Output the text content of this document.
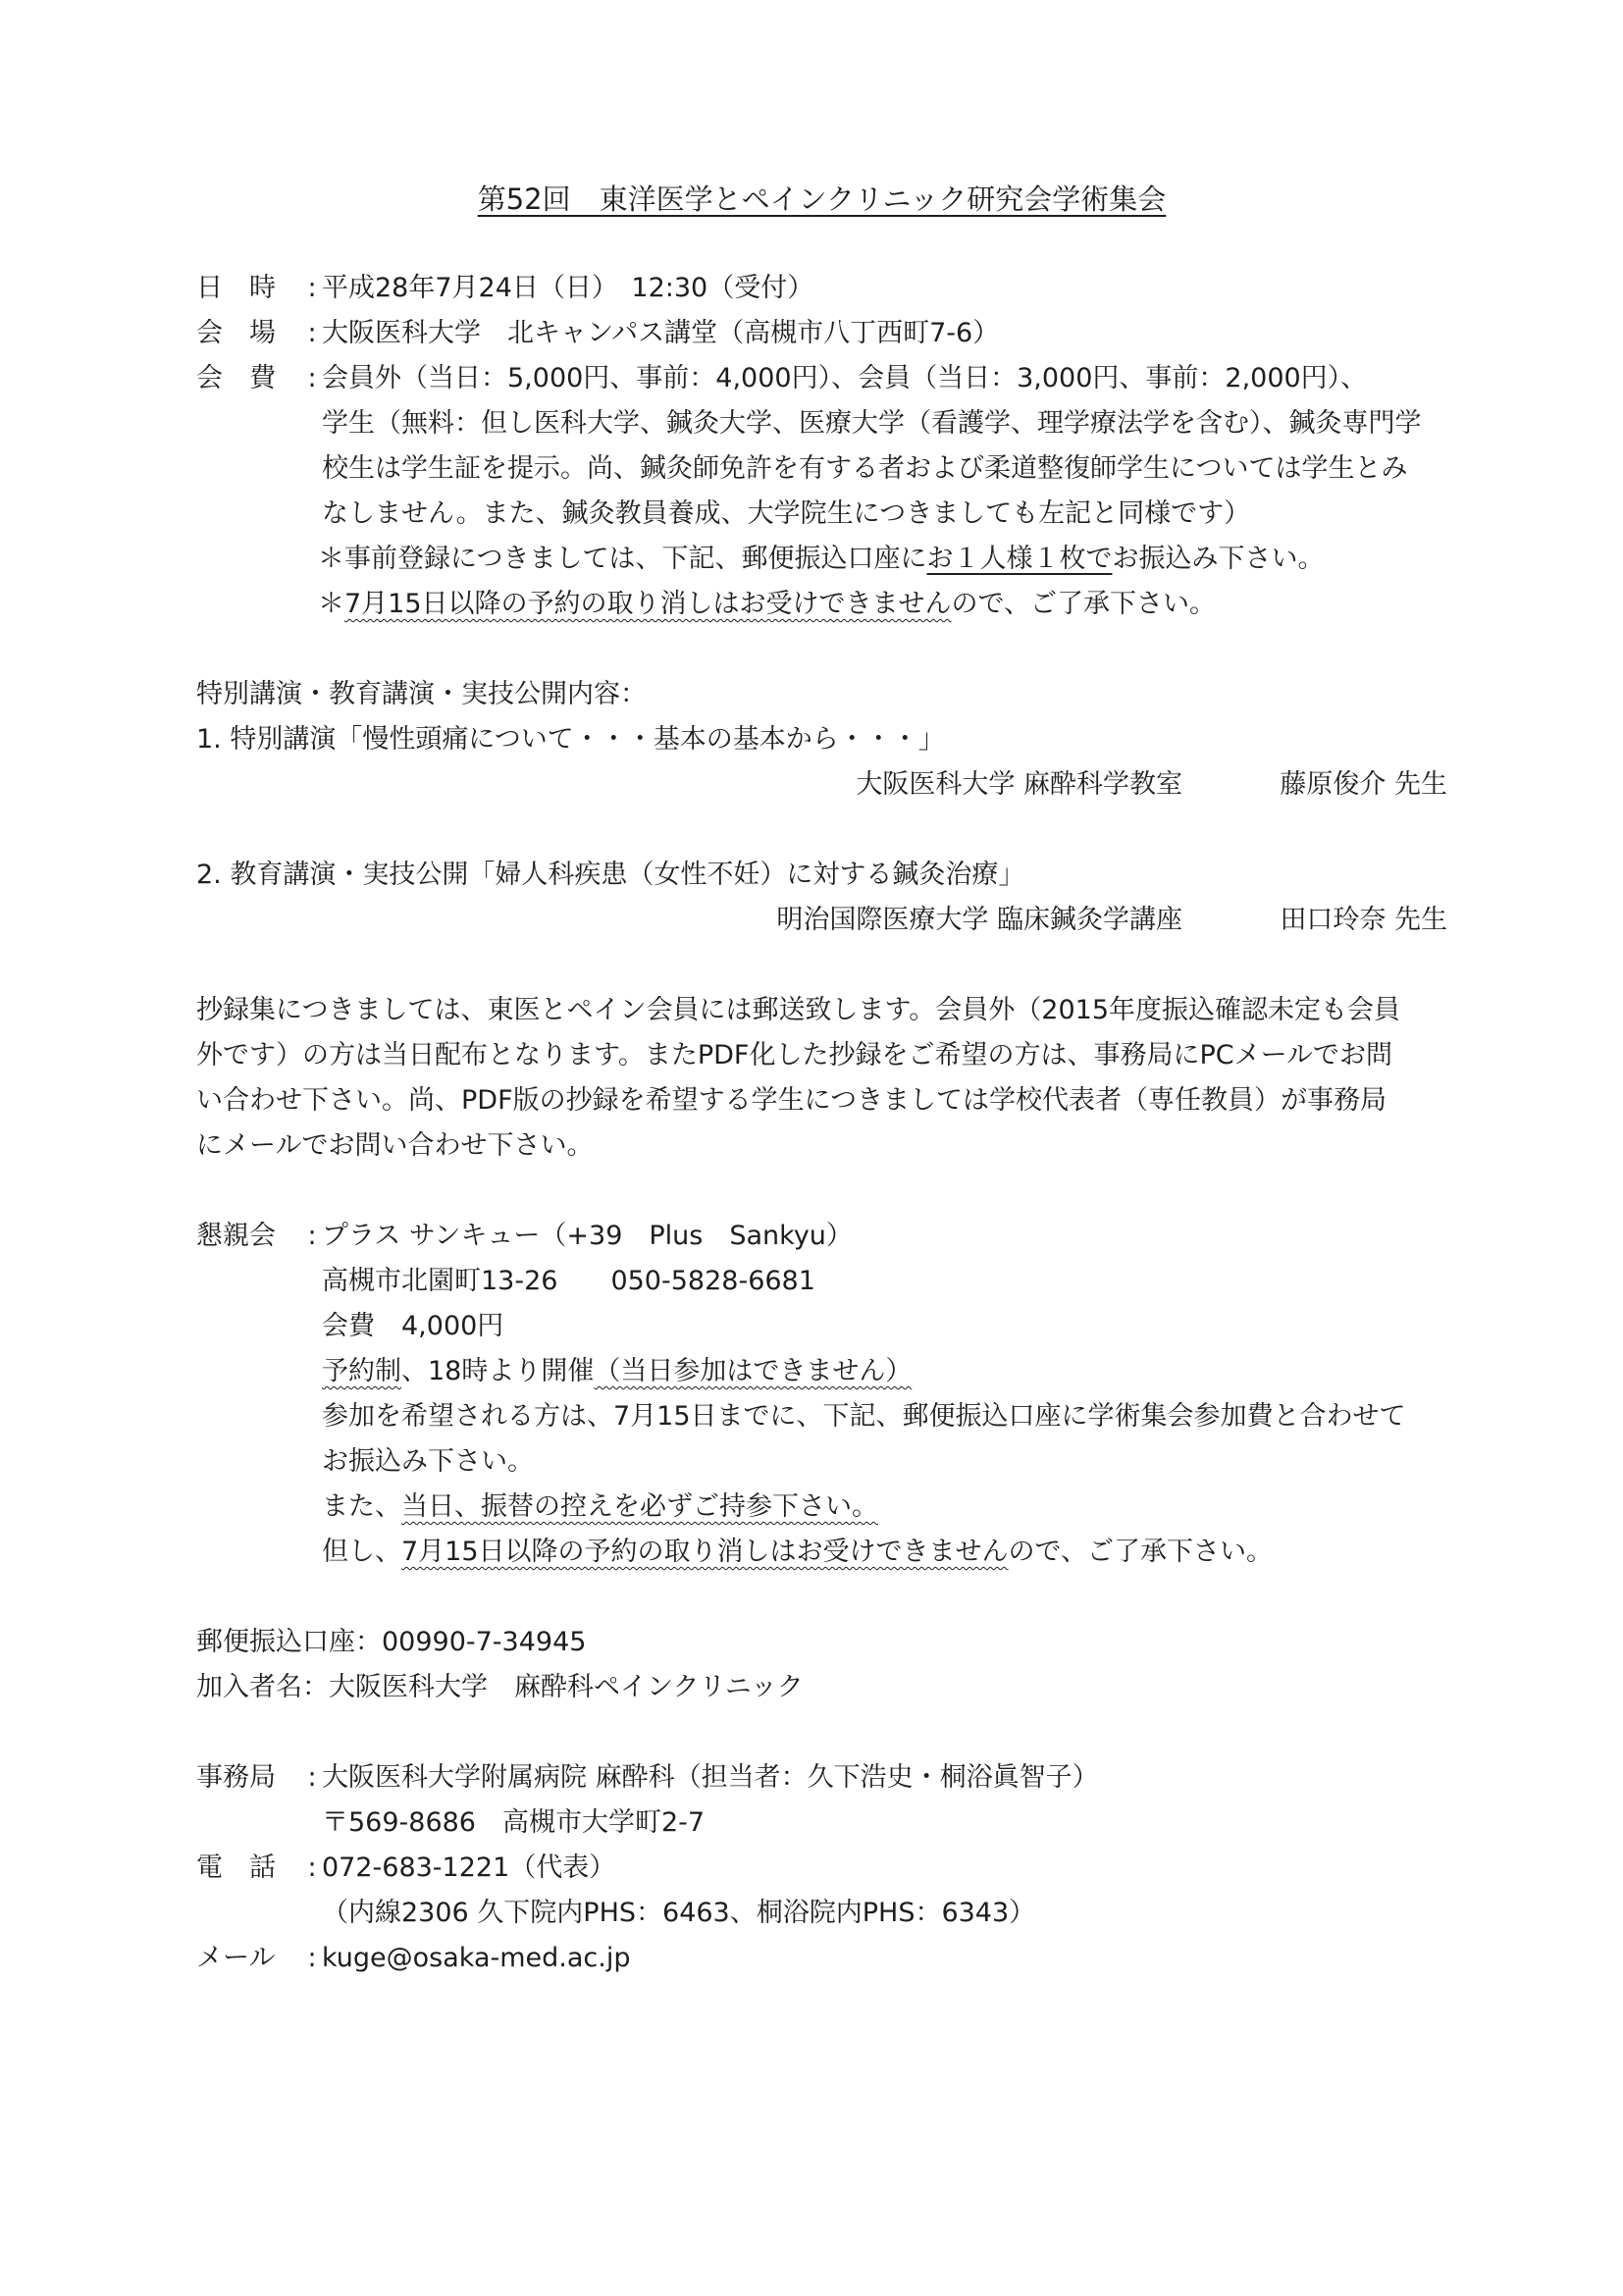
第52回　東洋医学とペインクリニック研究会学術集会
日　時	: 平成28年7月24日（日）　12:30（受付）
会　場	: 大阪医科大学　北キャンパス講堂（高槻市八丁西町7-6）
会　費	: 会員外（当日：5,000円、事前：4,000円）、会員（当日：3,000円、事前：2,000円）、
学生（無料：但し医科大学、鍼灸大学、医療大学（看護学、理学療法学を含む）、鍼灸専門学
校生は学生証を提示。尚、鍼灸師免許を有する者および柔道整復師学生については学生とみ
なしません。また、鍼灸教員養成、大学院生につきましても左記と同様です）
＊事前登録につきましては、下記、郵便振込口座にお１人様１枚でお振込み下さい。
＊7月15日以降の予約の取り消しはお受けできませんので、ご了承下さい。
特別講演・教育講演・実技公開内容：
1. 特別講演「慢性頭痛について・・・基本の基本から・・・」
大阪医科大学 麻酔科学教室	藤原俊介 先生
2. 教育講演・実技公開「婦人科疾患（女性不妊）に対する鍼灸治療」
明治国際医療大学 臨床鍼灸学講座	田口玲奈 先生
抄録集につきましては、東医とペイン会員には郵送致します。会員外（2015年度振込確認未定も会員
外です）の方は当日配布となります。またPDF化した抄録をご希望の方は、事務局にPCメールでお問
い合わせ下さい。尚、PDF版の抄録を希望する学生につきましては学校代表者（専任教員）が事務局
にメールでお問い合わせ下さい。
懇親会	: プラス サンキュー（+39　Plus　Sankyu）
高槻市北園町13-26　　050-5828-6681
会費　4,000円
予約制、18時より開催（当日参加はできません）
参加を希望される方は、7月15日までに、下記、郵便振込口座に学術集会参加費と合わせて
お振込み下さい。
また、当日、振替の控えを必ずご持参下さい。
但し、7月15日以降の予約の取り消しはお受けできませんので、ご了承下さい。
郵便振込口座：00990-7-34945
加入者名：大阪医科大学　麻酔科ペインクリニック
事務局	: 大阪医科大学附属病院 麻酔科（担当者：久下浩史・桐浴眞智子）
〒569-8686　高槻市大学町2-7
電　話	: 072-683-1221（代表）
（内線2306 久下院内PHS：6463、桐浴院内PHS：6343）
メール	: kuge@osaka-med.ac.jp
